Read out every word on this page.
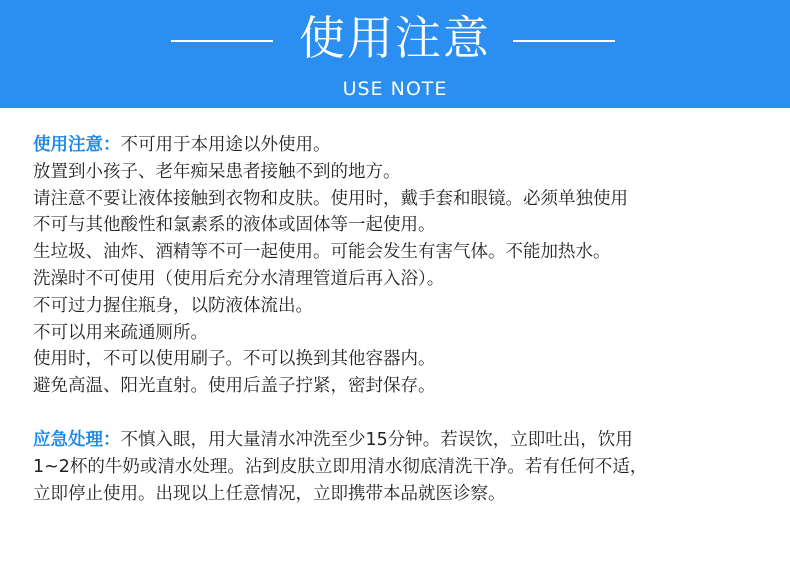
使用注意
USE NOTE
使用注意：不可用于本用途以外使用。
放置到小孩子、老年痴呆患者接触不到的地方。
请注意不要让液体接触到衣物和皮肤。使用时，戴手套和眼镜。必须单独使用
不可与其他酸性和氯素系的液体或固体等一起使用。
生垃圾、油炸、酒精等不可一起使用。可能会发生有害气体。不能加热水。
洗澡时不可使用（使用后充分水清理管道后再入浴）。
不可过力握住瓶身，以防液体流出。
不可以用来疏通厕所。
使用时，不可以使用刷子。不可以换到其他容器内。
避免高温、阳光直射。使用后盖子拧紧，密封保存。
应急处理：不慎入眼，用大量清水冲洗至少15分钟。若误饮，立即吐出，饮用
1~2杯的牛奶或清水处理。沾到皮肤立即用清水彻底清洗干净。若有任何不适，
立即停止使用。出现以上任意情况，立即携带本品就医诊察。
